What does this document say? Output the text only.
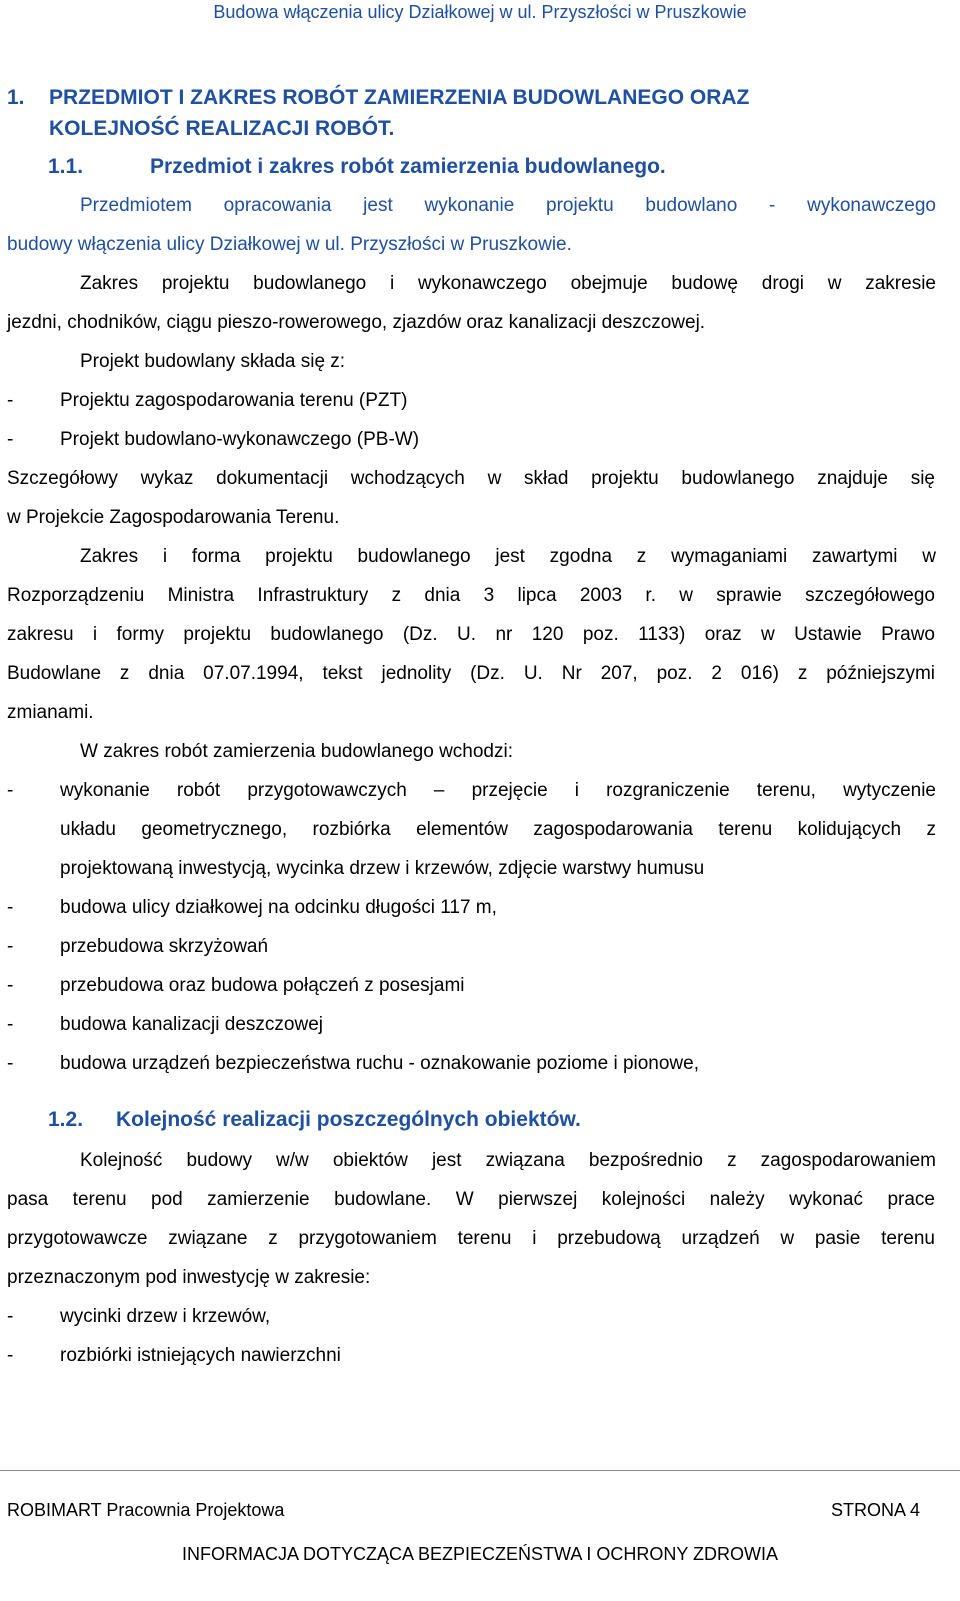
Budowa włączenia ulicy Działkowej w ul. Przyszłości w Pruszkowie
1. PRZEDMIOT I ZAKRES ROBÓT ZAMIERZENIA BUDOWLANEGO ORAZ
KOLEJNOŚĆ REALIZACJI ROBÓT.
1.1.	Przedmiot i zakres robót zamierzenia budowlanego.
Przedmiotem opracowania jest wykonanie projektu budowlano - wykonawczego
budowy włączenia ulicy Działkowej w ul. Przyszłości w Pruszkowie.
Zakres projektu budowlanego i wykonawczego obejmuje budowę drogi w zakresie
jezdni, chodników, ciągu pieszo-rowerowego, zjazdów oraz kanalizacji deszczowej.
Projekt budowlany składa się z:
- Projektu zagospodarowania terenu (PZT)
- Projekt budowlano-wykonawczego (PB-W)
Szczegółowy wykaz dokumentacji wchodzących w skład projektu budowlanego znajduje się
w Projekcie Zagospodarowania Terenu.
Zakres i forma projektu budowlanego jest zgodna z wymaganiami zawartymi w
Rozporządzeniu Ministra Infrastruktury z dnia 3 lipca 2003 r. w sprawie szczegółowego
zakresu i formy projektu budowlanego (Dz. U. nr 120 poz. 1133) oraz w Ustawie Prawo
Budowlane z dnia 07.07.1994, tekst jednolity (Dz. U. Nr 207, poz. 2 016) z późniejszymi
zmianami.
W zakres robót zamierzenia budowlanego wchodzi:
- wykonanie robót przygotowawczych – przejęcie i rozgraniczenie terenu, wytyczenie
układu geometrycznego, rozbiórka elementów zagospodarowania terenu kolidujących z
projektowaną inwestycją, wycinka drzew i krzewów, zdjęcie warstwy humusu
- budowa ulicy działkowej na odcinku długości 117 m,
- przebudowa skrzyżowań
- przebudowa oraz budowa połączeń z posesjami
- budowa kanalizacji deszczowej
- budowa urządzeń bezpieczeństwa ruchu - oznakowanie poziome i pionowe,
1.2. Kolejność realizacji poszczególnych obiektów.
Kolejność budowy w/w obiektów jest związana bezpośrednio z zagospodarowaniem
pasa terenu pod zamierzenie budowlane. W pierwszej kolejności należy wykonać prace
przygotowawcze związane z przygotowaniem terenu i przebudową urządzeń w pasie terenu
przeznaczonym pod inwestycję w zakresie:
- wycinki drzew i krzewów,
- rozbiórki istniejących nawierzchni
ROBIMART Pracownia Projektowa	STRONA 4
INFORMACJA DOTYCZĄCA BEZPIECZEŃSTWA I OCHRONY ZDROWIA
